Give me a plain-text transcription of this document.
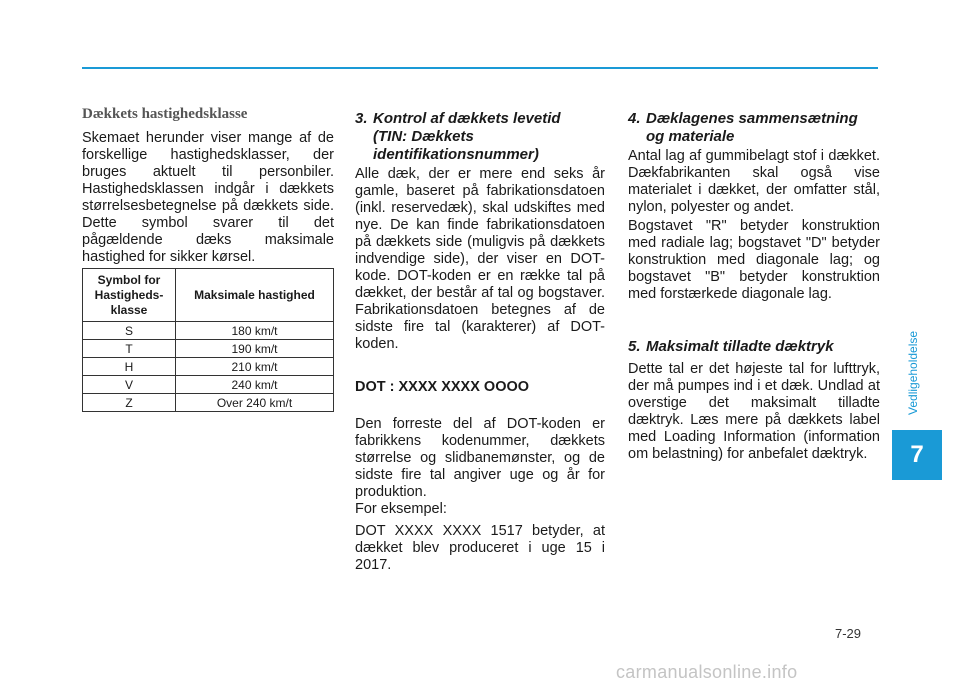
Dækkets hastighedsklasse

Skemaet herunder viser mange af de forskellige hastighedsklasser, der bruges aktuelt til personbiler. Hastighedsklassen indgår i dækkets størrelsesbetegnelse på dækkets side. Dette symbol svarer til det pågældende dæks maksimale hastighed for sikker kørsel.

Symbol for Hastigheds-klasse	Maksimale hastighed
S	180 km/t
T	190 km/t
H	210 km/t
V	240 km/t
Z	Over 240 km/t
3. Kontrol af dækkets levetid
(TIN: Dækkets identifikationsnummer)

Alle dæk, der er mere end seks år gamle, baseret på fabrikationsdatoen (inkl. reservedæk), skal udskiftes med nye. De kan finde fabrikationsdatoen på dækkets side (muligvis på dækkets indvendige side), der viser en DOT-kode. DOT-koden er en række tal på dækket, der består af tal og bogstaver. Fabrikationsdatoen betegnes af de sidste fire tal (karakterer) af DOT-koden.

DOT : XXXX XXXX OOOO

Den forreste del af DOT-koden er fabrikkens kodenummer, dækkets størrelse og slidbanemønster, og de sidste fire tal angiver uge og år for produktion.

For eksempel:

DOT XXXX XXXX 1517 betyder, at dækket blev produceret i uge 15 i 2017.

4. Dæklagenes sammensætning
og materiale

Antal lag af gummibelagt stof i dækket. Dækfabrikanten skal også vise materialet i dækket, der omfatter stål, nylon, polyester og andet.

Bogstavet "R" betyder konstruktion med radiale lag; bogstavet "D" betyder konstruktion med diagonale lag; og bogstavet "B" betyder konstruktion med forstærkede diagonale lag.

5. Maksimalt tilladte dæktryk

Dette tal er det højeste tal for lufttryk, der må pumpes ind i et dæk. Undlad at overstige det maksimalt tilladte dæktryk. Læs mere på dækkets label med Loading Information (information om belastning) for anbefalet dæktryk.

Vedligeholdelse
7
7-29
carmanualsonline.info
